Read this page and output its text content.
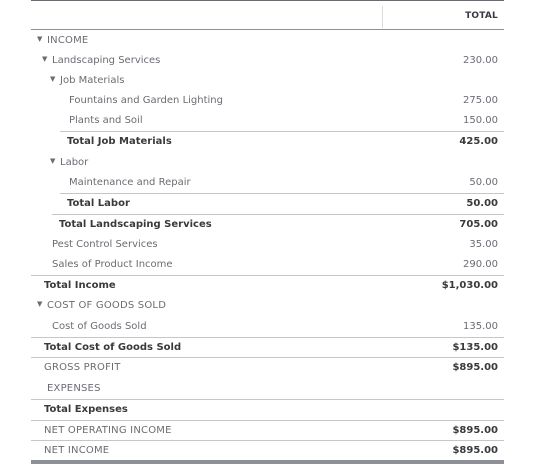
TOTAL
▼ INCOME
▼ Landscaping Services	230.00
▼ Job Materials
Fountains and Garden Lighting	275.00
Plants and Soil	150.00
Total Job Materials	425.00
▼ Labor
Maintenance and Repair	50.00
Total Labor	50.00
Total Landscaping Services	705.00
Pest Control Services	35.00
Sales of Product Income	290.00
Total Income	$1,030.00
▼ COST OF GOODS SOLD
Cost of Goods Sold	135.00
Total Cost of Goods Sold	$135.00
GROSS PROFIT	$895.00
EXPENSES
Total Expenses
NET OPERATING INCOME	$895.00
NET INCOME	$895.00
